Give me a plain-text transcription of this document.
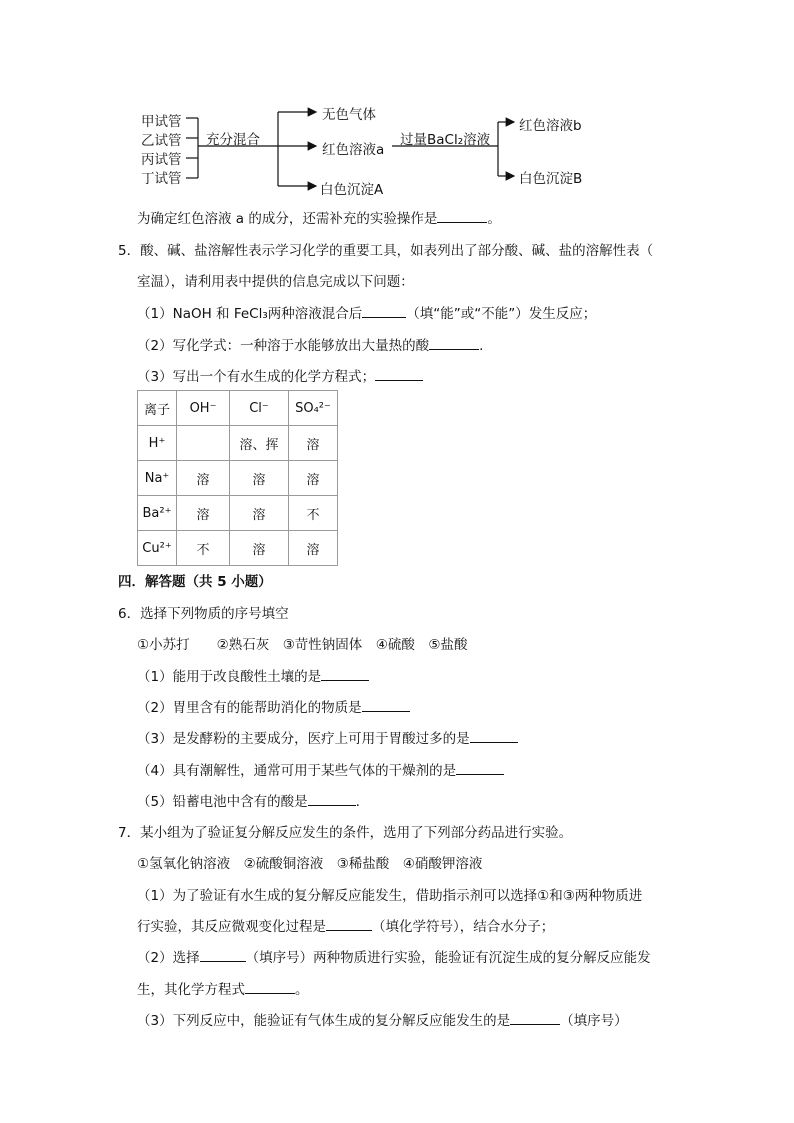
甲试管
乙试管
丙试管
丁试管
充分混合
无色气体
红色溶液a
白色沉淀A
过量BaCl₂溶液
红色溶液b
白色沉淀B
为确定红色溶液 a 的成分，还需补充的实验操作是	。
5．酸、碱、盐溶解性表示学习化学的重要工具，如表列出了部分酸、碱、盐的溶解性表（
室温），请利用表中提供的信息完成以下问题：
（1）NaOH 和 FeCl₃两种溶液混合后	（填“能”或“不能”）发生反应；
（2）写化学式：一种溶于水能够放出大量热的酸	.
（3）写出一个有水生成的化学方程式；
离子	OH⁻	Cl⁻	SO₄²⁻
H⁺		溶、挥	溶
Na⁺	溶	溶	溶
Ba²⁺	溶	溶	不
Cu²⁺	不	溶	溶
四．解答题（共 5 小题）
6．选择下列物质的序号填空
①小苏打　　②熟石灰　③苛性钠固体　④硫酸　⑤盐酸
（1）能用于改良酸性土壤的是
（2）胃里含有的能帮助消化的物质是
（3）是发酵粉的主要成分，医疗上可用于胃酸过多的是
（4）具有潮解性，通常可用于某些气体的干燥剂的是
（5）铅蓄电池中含有的酸是	.
7．某小组为了验证复分解反应发生的条件，选用了下列部分药品进行实验。
①氢氧化钠溶液　②硫酸铜溶液　③稀盐酸　④硝酸钾溶液
（1）为了验证有水生成的复分解反应能发生，借助指示剂可以选择①和③两种物质进
行实验，其反应微观变化过程是	（填化学符号），结合水分子；
（2）选择	（填序号）两种物质进行实验，能验证有沉淀生成的复分解反应能发
生，其化学方程式	。
（3）下列反应中，能验证有气体生成的复分解反应能发生的是	（填序号）
